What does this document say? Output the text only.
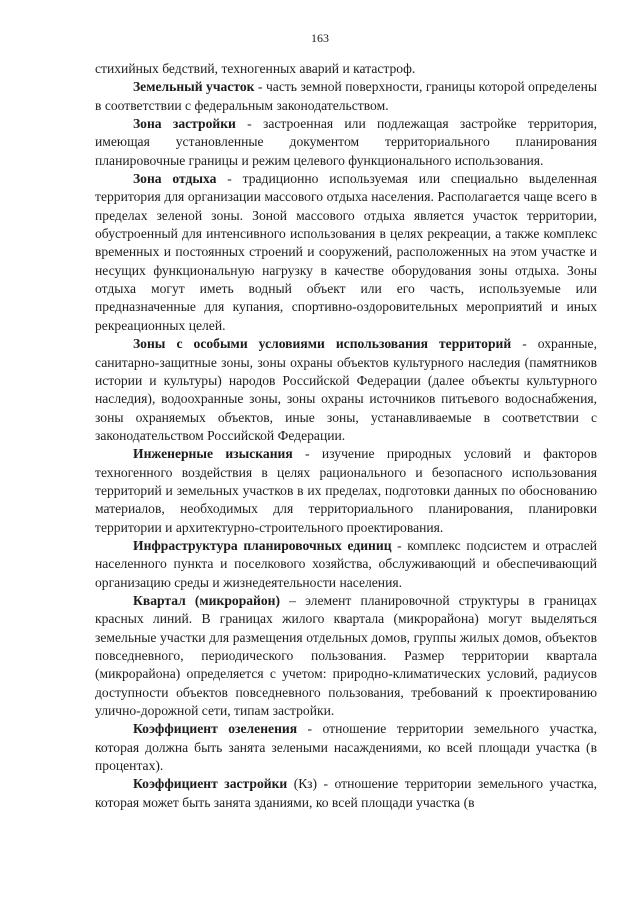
163

стихийных бедствий, техногенных аварий и катастроф.

Земельный участок - часть земной поверхности, границы которой определены в соответствии с федеральным законодательством.

Зона застройки - застроенная или подлежащая застройке территория, имеющая установленные документом территориального планирования планировочные границы и режим целевого функционального использования.

Зона отдыха - традиционно используемая или специально выделенная территория для организации массового отдыха населения. Располагается чаще всего в пределах зеленой зоны. Зоной массового отдыха является участок территории, обустроенный для интенсивного использования в целях рекреации, а также комплекс временных и постоянных строений и сооружений, расположенных на этом участке и несущих функциональную нагрузку в качестве оборудования зоны отдыха. Зоны отдыха могут иметь водный объект или его часть, используемые или предназначенные для купания, спортивно-оздоровительных мероприятий и иных рекреационных целей.

Зоны с особыми условиями использования территорий - охранные, санитарно-защитные зоны, зоны охраны объектов культурного наследия (памятников истории и культуры) народов Российской Федерации (далее объекты культурного наследия), водоохранные зоны, зоны охраны источников питьевого водоснабжения, зоны охраняемых объектов, иные зоны, устанавливаемые в соответствии с законодательством Российской Федерации.

Инженерные изыскания - изучение природных условий и факторов техногенного воздействия в целях рационального и безопасного использования территорий и земельных участков в их пределах, подготовки данных по обоснованию материалов, необходимых для территориального планирования, планировки территории и архитектурно-строительного проектирования.

Инфраструктура планировочных единиц - комплекс подсистем и отраслей населенного пункта и поселкового хозяйства, обслуживающий и обеспечивающий организацию среды и жизнедеятельности населения.

Квартал (микрорайон) – элемент планировочной структуры в границах красных линий. В границах жилого квартала (микрорайона) могут выделяться земельные участки для размещения отдельных домов, группы жилых домов, объектов повседневного, периодического пользования. Размер территории квартала (микрорайона) определяется с учетом: природно-климатических условий, радиусов доступности объектов повседневного пользования, требований к проектированию улично-дорожной сети, типам застройки.

Коэффициент озеленения - отношение территории земельного участка, которая должна быть занята зелеными насаждениями, ко всей площади участка (в процентах).

Коэффициент застройки (Кз) - отношение территории земельного участка, которая может быть занята зданиями, ко всей площади участка (в
